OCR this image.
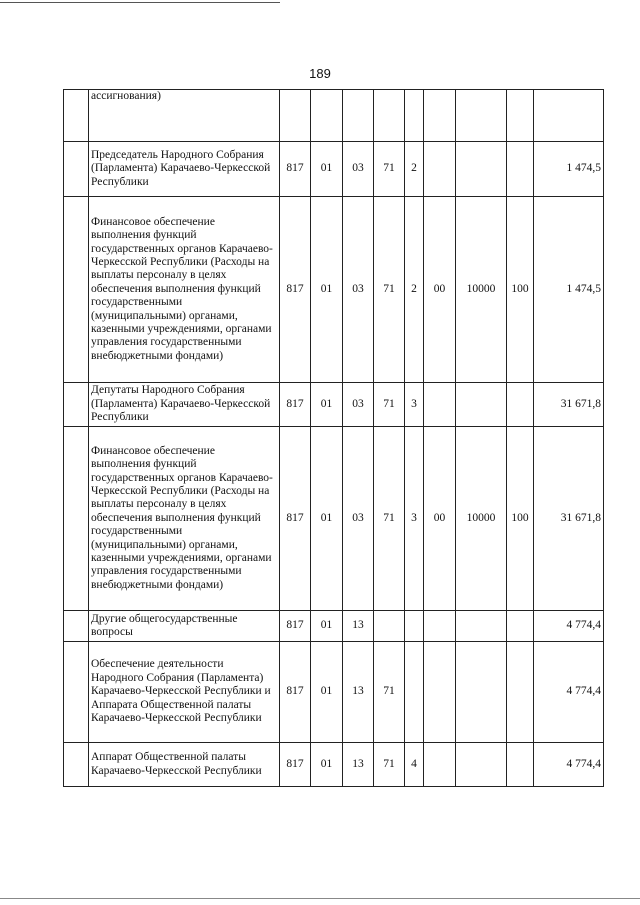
189
	ассигнования)									
	Председатель Народного Собрания (Парламента) Карачаево-Черкесской Республики	817	01	03	71	2				1 474,5
	Финансовое обеспечение выполнения функций государственных органов Карачаево-Черкесской Республики (Расходы на выплаты персоналу в целях обеспечения выполнения функций государственными (муниципальными) органами, казенными учреждениями, органами управления государственными внебюджетными фондами)	817	01	03	71	2	00	10000	100	1 474,5
	Депутаты Народного Собрания (Парламента) Карачаево-Черкесской Республики	817	01	03	71	3				31 671,8
	Финансовое обеспечение выполнения функций государственных органов Карачаево-Черкесской Республики (Расходы на выплаты персоналу в целях обеспечения выполнения функций государственными (муниципальными) органами, казенными учреждениями, органами управления государственными внебюджетными фондами)	817	01	03	71	3	00	10000	100	31 671,8
	Другие общегосударственные вопросы	817	01	13						4 774,4
	Обеспечение деятельности Народного Собрания (Парламента) Карачаево-Черкесской Республики и Аппарата Общественной палаты Карачаево-Черкесской Республики	817	01	13	71					4 774,4
	Аппарат Общественной палаты Карачаево-Черкесской Республики	817	01	13	71	4				4 774,4
